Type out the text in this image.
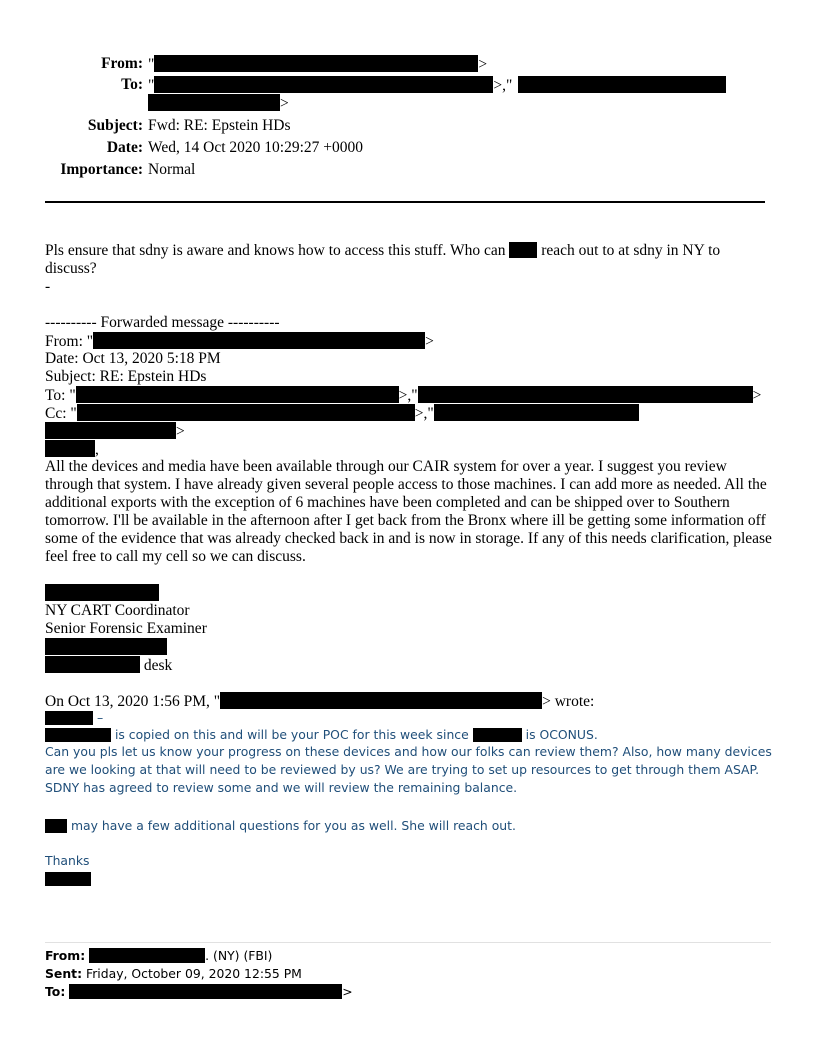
From: "	>
To: "	>,"
>
Subject: Fwd: RE: Epstein HDs
Date: Wed, 14 Oct 2020 10:29:27 +0000
Importance: Normal
Pls ensure that sdny is aware and knows how to access this stuff. Who can reach out to at sdny in NY to
discuss?
-
---------- Forwarded message ----------
From: "	>
Date: Oct 13, 2020 5:18 PM
Subject: RE: Epstein HDs
To: "	>,"	>
Cc: "	>,"
>
,
All the devices and media have been available through our CAIR system for over a year. I suggest you review through that system. I have already given several people access to those machines. I can add more as needed. All the additional exports with the exception of 6 machines have been completed and can be shipped over to Southern tomorrow. I'll be available in the afternoon after I get back from the Bronx where ill be getting some information off some of the evidence that was already checked back in and is now in storage. If any of this needs clarification, please feel free to call my cell so we can discuss.
NY CART Coordinator
Senior Forensic Examiner
desk
On Oct 13, 2020 1:56 PM, "	> wrote:
–
is copied on this and will be your POC for this week since	is OCONUS.
Can you pls let us know your progress on these devices and how our folks can review them? Also, how many devices are we looking at that will need to be reviewed by us? We are trying to set up resources to get through them ASAP. SDNY has agreed to review some and we will review the remaining balance.
may have a few additional questions for you as well. She will reach out.
Thanks
From:	. (NY) (FBI)
Sent: Friday, October 09, 2020 12:55 PM
To:	>
